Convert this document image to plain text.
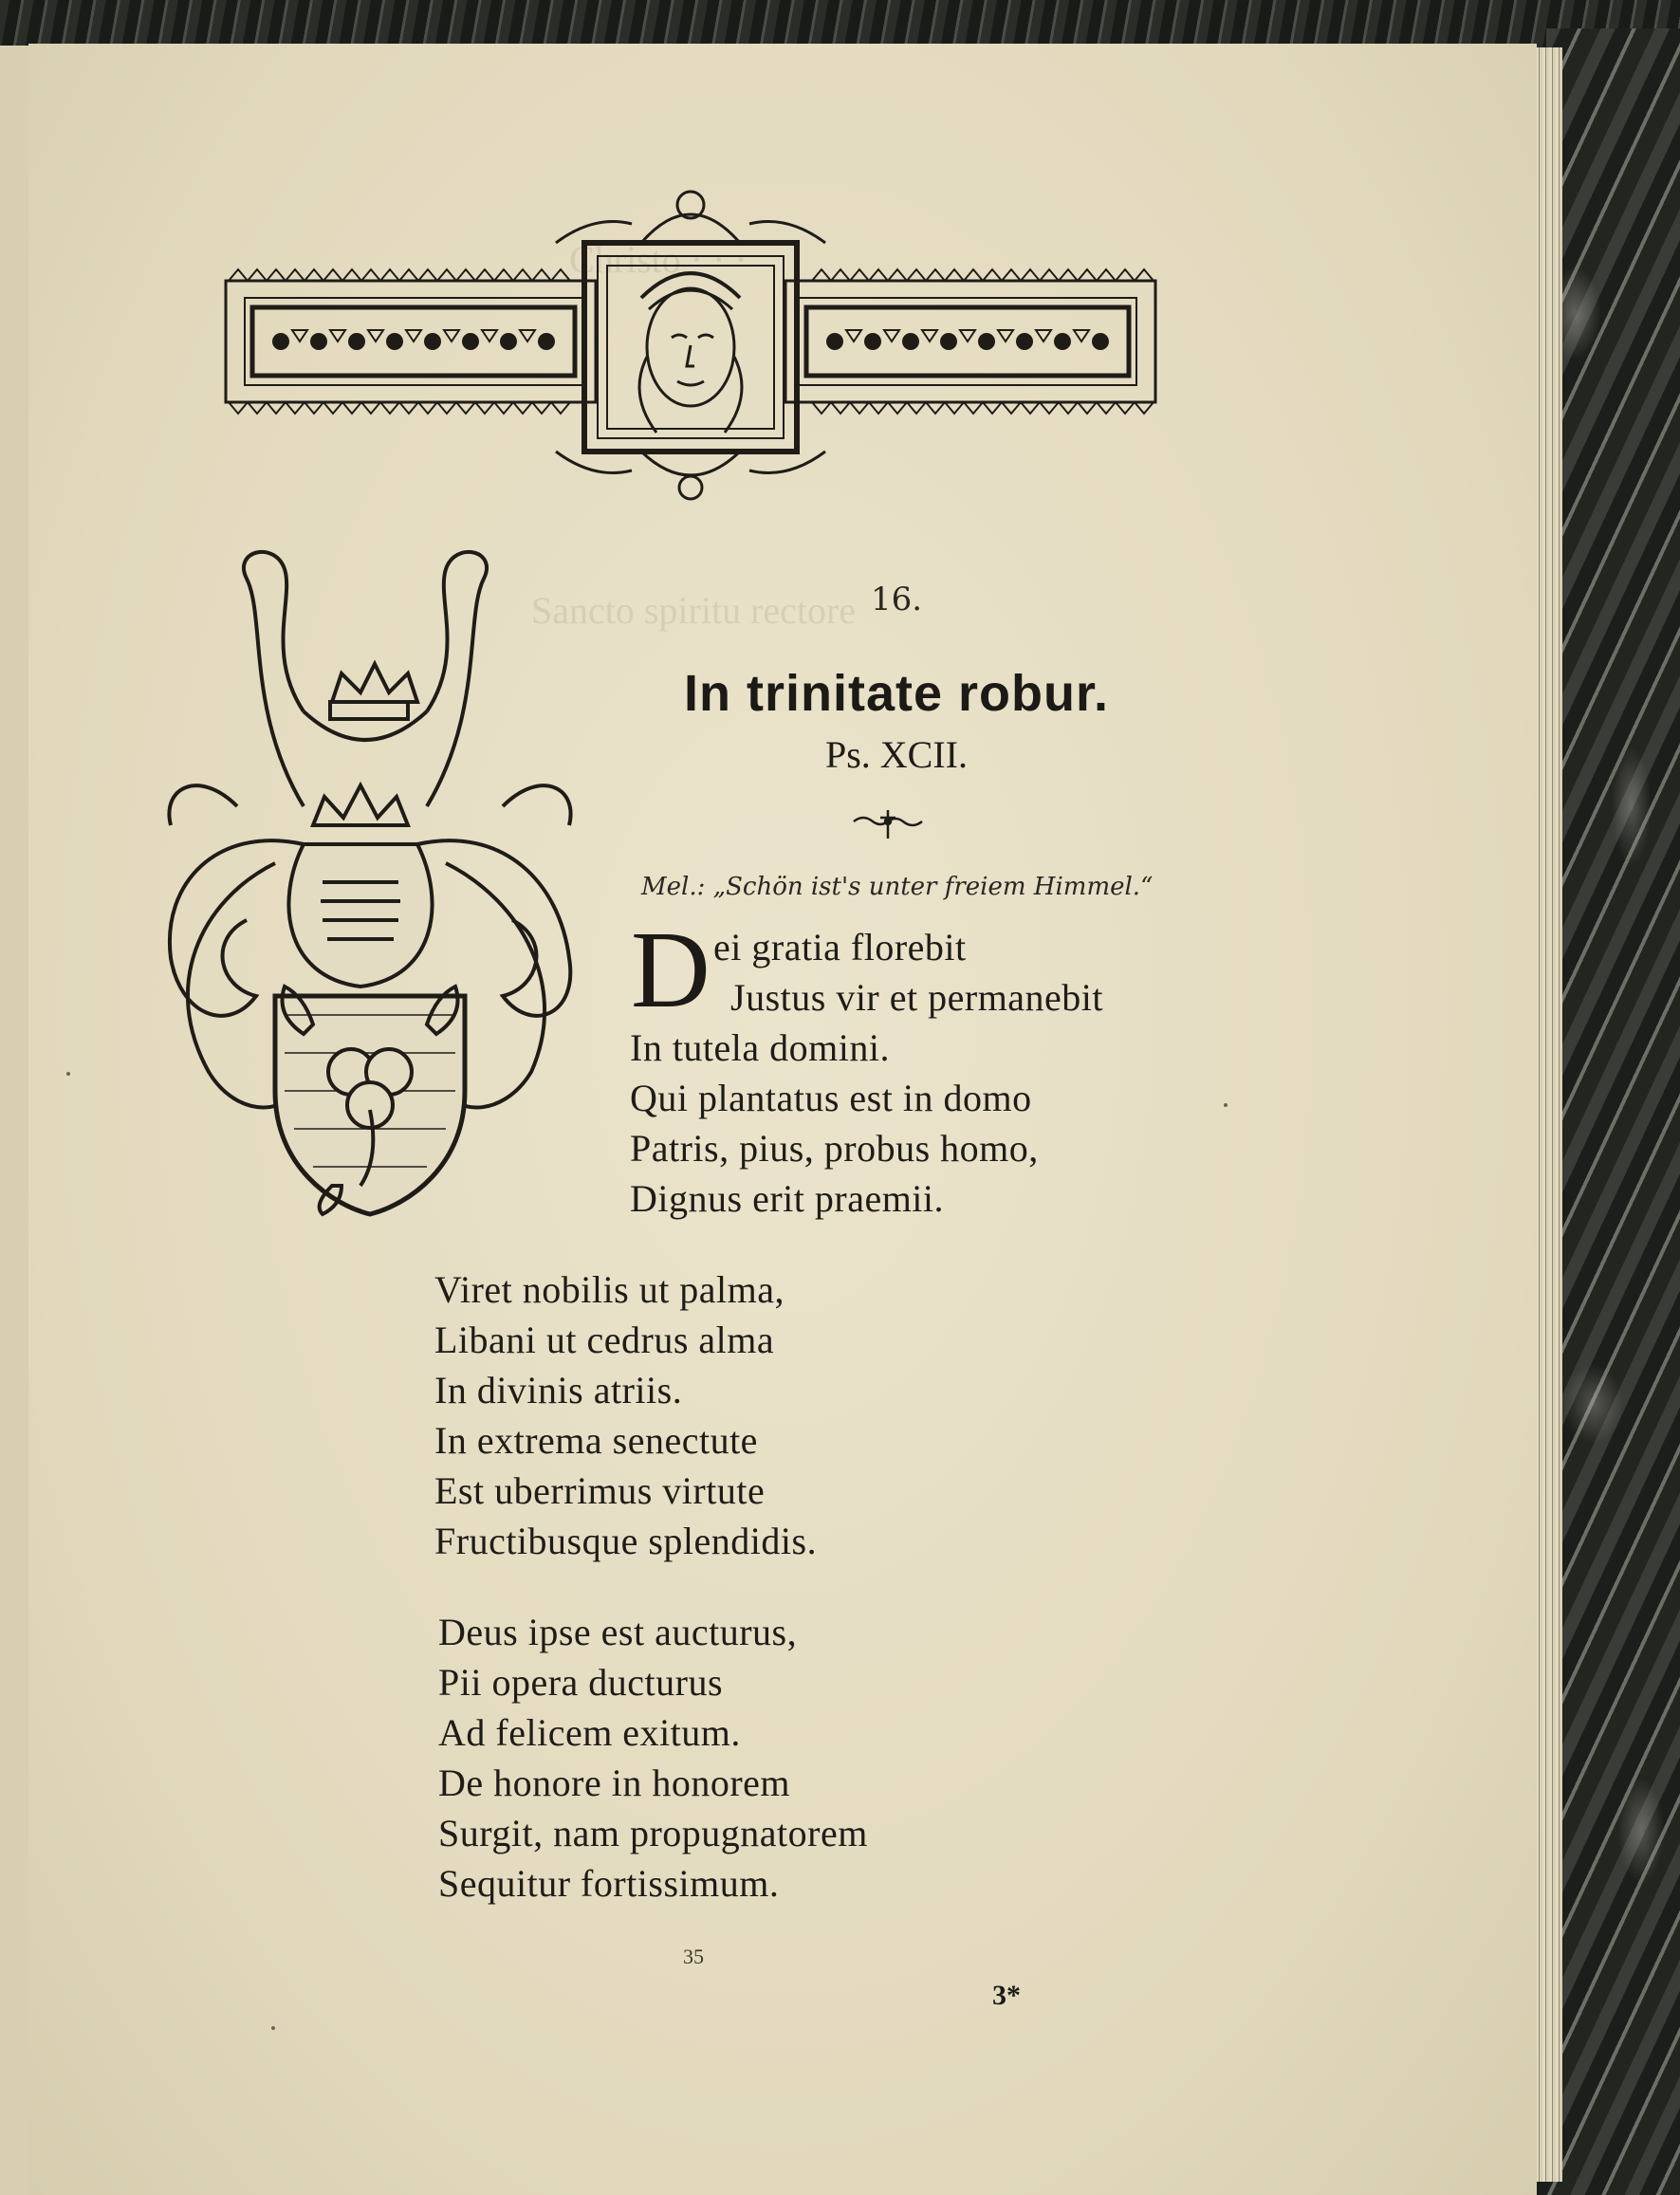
Christo · · ·
Sancto spiritu rectore 16.
In trinitate robur.
Ps. XCII.
Mel.: „Schön ist's unter freiem Himmel.“
D ei gratia florebit
Justus vir et permanebit
In tutela domini.
Qui plantatus est in domo
Patris, pius, probus homo,
Dignus erit praemii.
Viret nobilis ut palma,
Libani ut cedrus alma
In divinis atriis.
In extrema senectute
Est uberrimus virtute
Fructibusque splendidis.
Deus ipse est aucturus,
Pii opera ducturus
Ad felicem exitum.
De honore in honorem
Surgit, nam propugnatorem
Sequitur fortissimum.
35
3*
